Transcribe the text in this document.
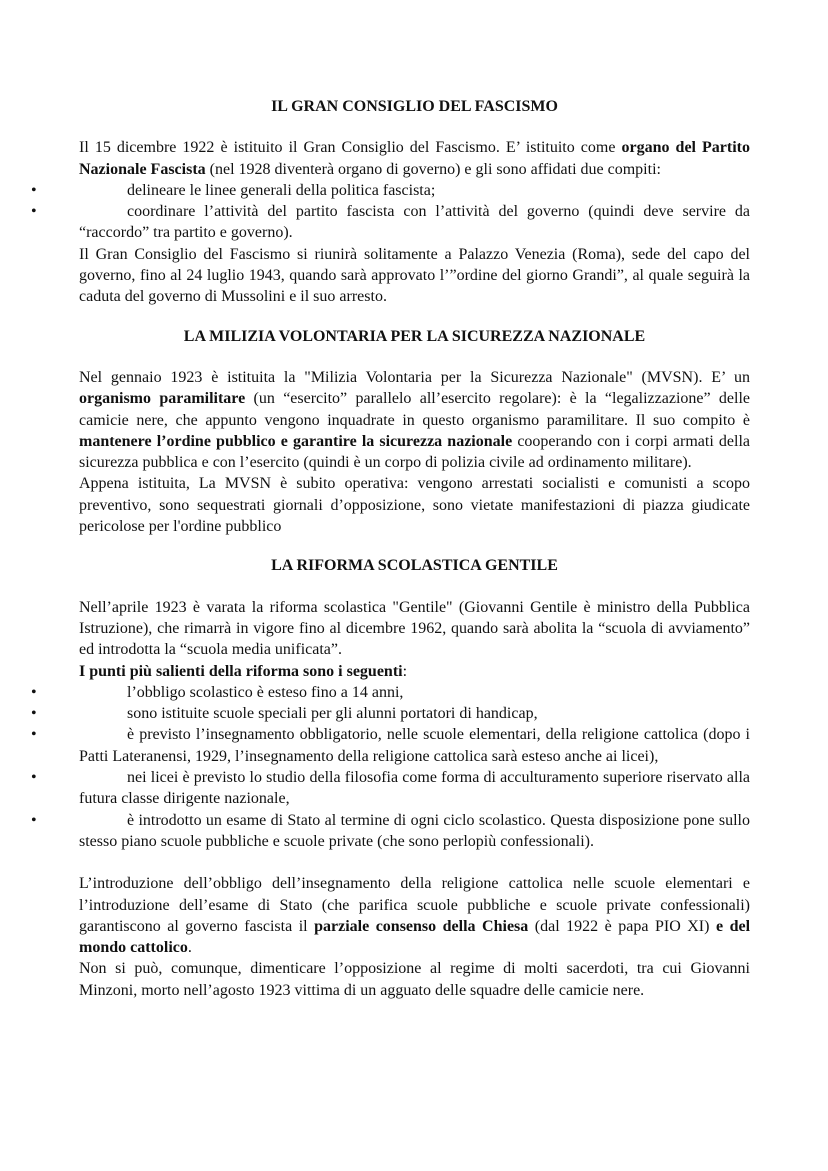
IL GRAN CONSIGLIO DEL FASCISMO

Il 15 dicembre 1922 è istituito il Gran Consiglio del Fascismo. E’ istituito come organo del Partito Nazionale Fascista (nel 1928 diventerà organo di governo) e gli sono affidati due compiti:

•	delineare le linee generali della politica fascista;

•	coordinare l’attività del partito fascista con l’attività del governo (quindi deve servire da “raccordo” tra partito e governo).

Il Gran Consiglio del Fascismo si riunirà solitamente a Palazzo Venezia (Roma), sede del capo del governo, fino al 24 luglio 1943, quando sarà approvato l’”ordine del giorno Grandi”, al quale seguirà la caduta del governo di Mussolini e il suo arresto.

LA MILIZIA VOLONTARIA PER LA SICUREZZA NAZIONALE

Nel gennaio 1923 è istituita la "Milizia Volontaria per la Sicurezza Nazionale" (MVSN). E’ un organismo paramilitare (un “esercito” parallelo all’esercito regolare): è la “legalizzazione” delle camicie nere, che appunto vengono inquadrate in questo organismo paramilitare. Il suo compito è mantenere l’ordine pubblico e garantire la sicurezza nazionale cooperando con i corpi armati della sicurezza pubblica e con l’esercito (quindi è un corpo di polizia civile ad ordinamento militare).

Appena istituita, La MVSN è subito operativa: vengono arrestati socialisti e comunisti a scopo preventivo, sono sequestrati giornali d’opposizione, sono vietate manifestazioni di piazza giudicate pericolose per l'ordine pubblico

LA RIFORMA SCOLASTICA GENTILE

Nell’aprile 1923 è varata la riforma scolastica "Gentile" (Giovanni Gentile è ministro della Pubblica Istruzione), che rimarrà in vigore fino al dicembre 1962, quando sarà abolita la “scuola di avviamento” ed introdotta la “scuola media unificata”.

I punti più salienti della riforma sono i seguenti:

•	l’obbligo scolastico è esteso fino a 14 anni,

•	sono istituite scuole speciali per gli alunni portatori di handicap,

•	è previsto l’insegnamento obbligatorio, nelle scuole elementari, della religione cattolica (dopo i Patti Lateranensi, 1929, l’insegnamento della religione cattolica sarà esteso anche ai licei),

•	nei licei è previsto lo studio della filosofia come forma di acculturamento superiore riservato alla futura classe dirigente nazionale,

•	è introdotto un esame di Stato al termine di ogni ciclo scolastico. Questa disposizione pone sullo stesso piano scuole pubbliche e scuole private (che sono perlopiù confessionali).

L’introduzione dell’obbligo dell’insegnamento della religione cattolica nelle scuole elementari e l’introduzione dell’esame di Stato (che parifica scuole pubbliche e scuole private confessionali) garantiscono al governo fascista il parziale consenso della Chiesa (dal 1922 è papa PIO XI) e del mondo cattolico.

Non si può, comunque, dimenticare l’opposizione al regime di molti sacerdoti, tra cui Giovanni Minzoni, morto nell’agosto 1923 vittima di un agguato delle squadre delle camicie nere.
